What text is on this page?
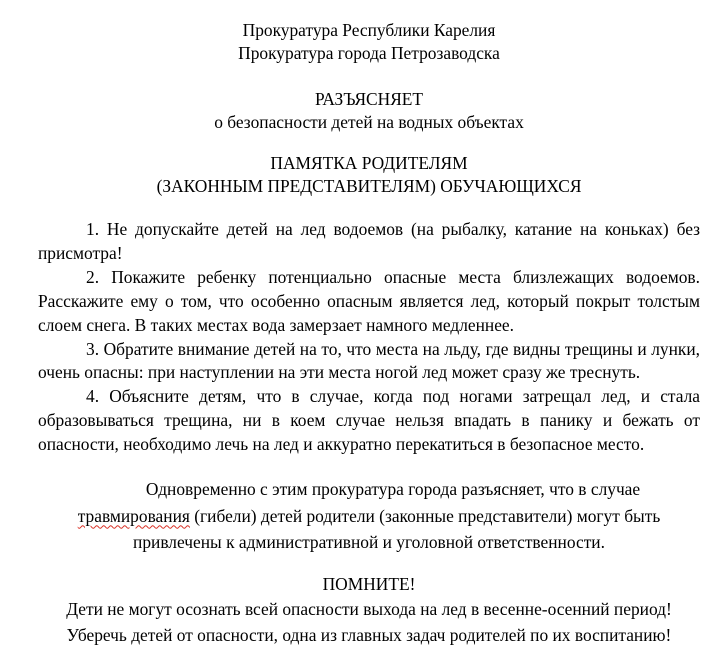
Прокуратура Республики Карелия
Прокуратура города Петрозаводска
РАЗЪЯСНЯЕТ
о безопасности детей на водных объектах
ПАМЯТКА РОДИТЕЛЯМ
(ЗАКОННЫМ ПРЕДСТАВИТЕЛЯМ) ОБУЧАЮЩИХСЯ

1. Не допускайте детей на лед водоемов (на рыбалку, катание на коньках) без присмотра!

2. Покажите ребенку потенциально опасные места близлежащих водоемов. Расскажите ему о том, что особенно опасным является лед, который покрыт толстым слоем снега. В таких местах вода замерзает намного медленнее.

3. Обратите внимание детей на то, что места на льду, где видны трещины и лунки, очень опасны: при наступлении на эти места ногой лед может сразу же треснуть.

4. Объясните детям, что в случае, когда под ногами затрещал лед, и стала образовываться трещина, ни в коем случае нельзя впадать в панику и бежать от опасности, необходимо лечь на лед и аккуратно перекатиться в безопасное место.

Одновременно с этим прокуратура города разъясняет, что в случае
травмирования (гибели) детей родители (законные представители) могут быть
привлечены к административной и уголовной ответственности.
ПОМНИТЕ!
Дети не могут осознать всей опасности выхода на лед в весенне-осенний период!
Уберечь детей от опасности, одна из главных задач родителей по их воспитанию!
